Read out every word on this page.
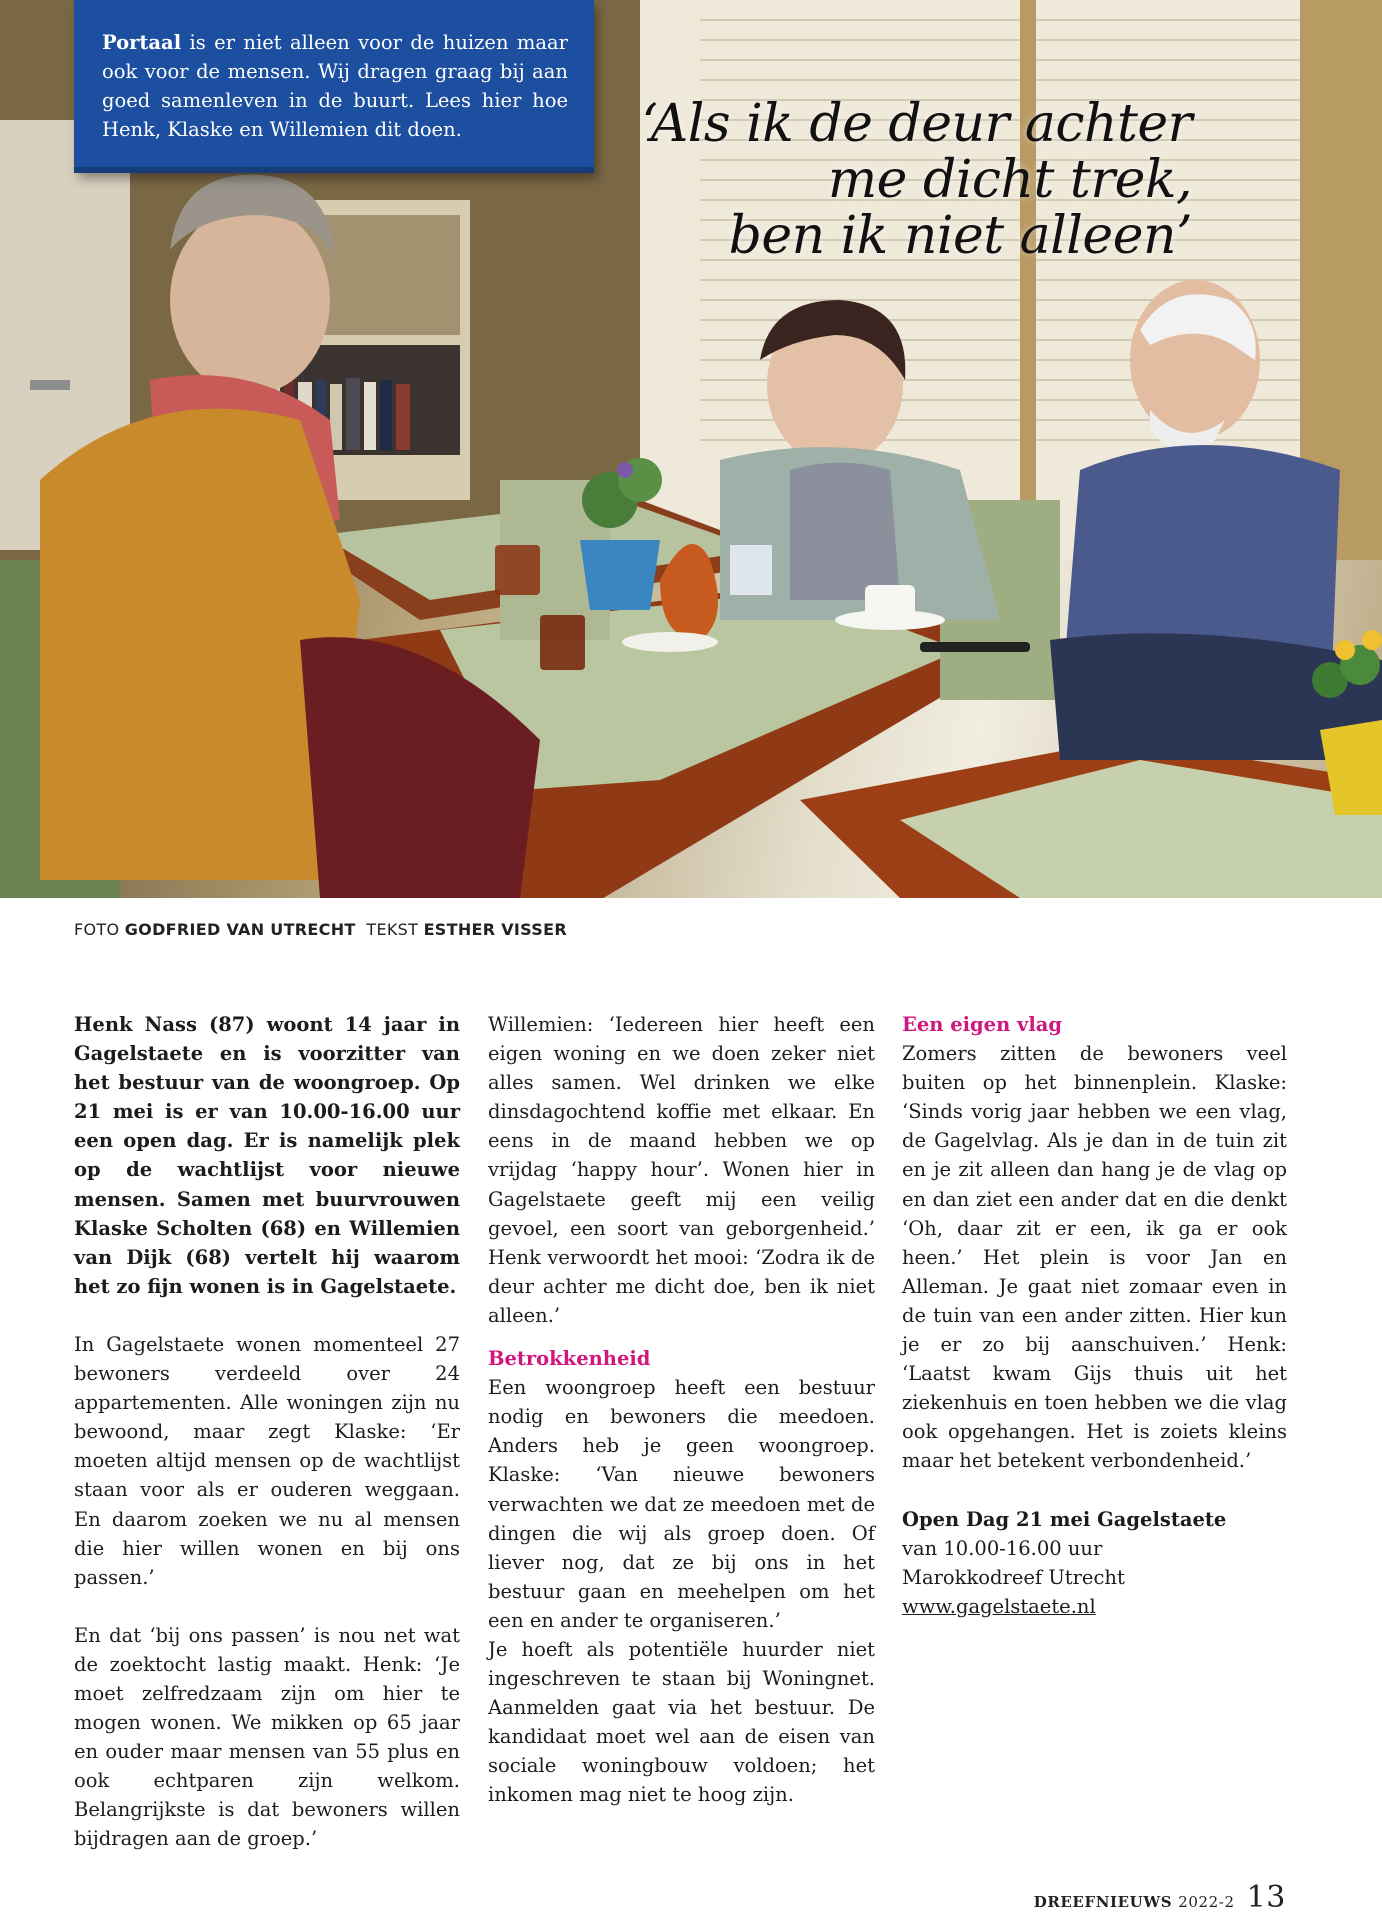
Portaal is er niet alleen voor de huizen maar ook voor de mensen. Wij dragen graag bij aan goed samenleven in de buurt. Lees hier hoe Henk, Klaske en Willemien dit doen.	‘Als ik de deur achter
me dicht trek,
ben ik niet alleen’
FOTO GODFRIED VAN UTRECHT  TEKST ESTHER VISSER

Henk Nass (87) woont 14 jaar in Gagelstaete en is voorzitter van het bestuur van de woongroep. Op 21 mei is er van 10.00-16.00 uur een open dag. Er is namelijk plek op de wachtlijst voor nieuwe mensen. Samen met buurvrouwen Klaske Scholten (68) en Willemien van Dijk (68) vertelt hij waarom het zo fijn wonen is in Gagelstaete.

In Gagelstaete wonen momenteel 27 bewoners verdeeld over 24 appartementen. Alle woningen zijn nu bewoond, maar zegt Klaske: ‘Er moeten altijd mensen op de wachtlijst staan voor als er ouderen weggaan. En daarom zoeken we nu al mensen die hier willen wonen en bij ons passen.’

En dat ‘bij ons passen’ is nou net wat de zoektocht lastig maakt. Henk: ‘Je moet zelfredzaam zijn om hier te mogen wonen. We mikken op 65 jaar en ouder maar mensen van 55 plus en ook echtparen zijn welkom. Belangrijkste is dat bewoners willen bijdragen aan de groep.’

Willemien: ‘Iedereen hier heeft een eigen woning en we doen zeker niet alles samen. Wel drinken we elke dinsdagochtend koffie met elkaar. En eens in de maand hebben we op vrijdag ‘happy hour’. Wonen hier in Gagelstaete geeft mij een veilig gevoel, een soort van geborgenheid.’ Henk verwoordt het mooi: ‘Zodra ik de deur achter me dicht doe, ben ik niet alleen.’

Betrokkenheid

Een woongroep heeft een bestuur nodig en bewoners die meedoen. Anders heb je geen woongroep. Klaske: ‘Van nieuwe bewoners verwachten we dat ze meedoen met de dingen die wij als groep doen. Of liever nog, dat ze bij ons in het bestuur gaan en meehelpen om het een en ander te organiseren.’

Je hoeft als potentiële huurder niet ingeschreven te staan bij Woningnet. Aanmelden gaat via het bestuur. De kandidaat moet wel aan de eisen van sociale woningbouw voldoen; het inkomen mag niet te hoog zijn.

Een eigen vlag

Zomers zitten de bewoners veel buiten op het binnenplein. Klaske: ‘Sinds vorig jaar hebben we een vlag, de Gagelvlag. Als je dan in de tuin zit en je zit alleen dan hang je de vlag op en dan ziet een ander dat en die denkt ‘Oh, daar zit er een, ik ga er ook heen.’ Het plein is voor Jan en Alleman. Je gaat niet zomaar even in de tuin van een ander zitten. Hier kun je er zo bij aanschuiven.’ Henk: ‘Laatst kwam Gijs thuis uit het ziekenhuis en toen hebben we die vlag ook opgehangen. Het is zoiets kleins maar het betekent verbondenheid.’

Open Dag 21 mei Gagelstaete

van 10.00-16.00 uur

Marokkodreef Utrecht

www.gagelstaete.nl

DREEFNIEUWS 2022-2 13
